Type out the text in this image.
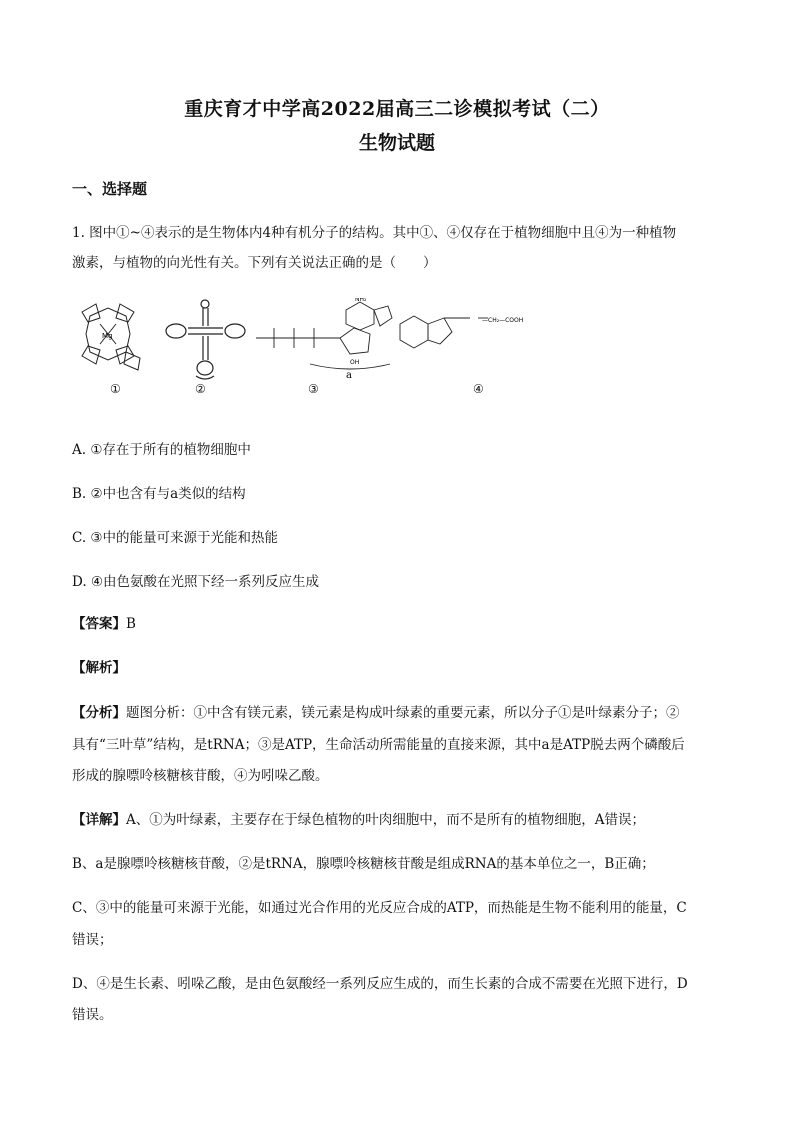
重庆育才中学高2022届高三二诊模拟考试（二）
生物试题
一、选择题
1. 图中①~④表示的是生物体内4种有机分子的结构。其中①、④仅存在于植物细胞中且④为一种植物
激素，与植物的向光性有关。下列有关说法正确的是（　　）
Mg
NH₂
OH
a
—CH₂—COOH
①	②	③	④
A. ①存在于所有的植物细胞中
B. ②中也含有与a类似的结构
C. ③中的能量可来源于光能和热能
D. ④由色氨酸在光照下经一系列反应生成
【答案】B
【解析】
【分析】题图分析：①中含有镁元素，镁元素是构成叶绿素的重要元素，所以分子①是叶绿素分子；②
具有“三叶草”结构，是tRNA；③是ATP，生命活动所需能量的直接来源，其中a是ATP脱去两个磷酸后
形成的腺嘌呤核糖核苷酸，④为吲哚乙酸。
【详解】A、①为叶绿素，主要存在于绿色植物的叶肉细胞中，而不是所有的植物细胞，A错误；
B、a是腺嘌呤核糖核苷酸，②是tRNA，腺嘌呤核糖核苷酸是组成RNA的基本单位之一，B正确；
C、③中的能量可来源于光能，如通过光合作用的光反应合成的ATP，而热能是生物不能利用的能量，C
错误；
D、④是生长素、吲哚乙酸，是由色氨酸经一系列反应生成的，而生长素的合成不需要在光照下进行，D
错误。
